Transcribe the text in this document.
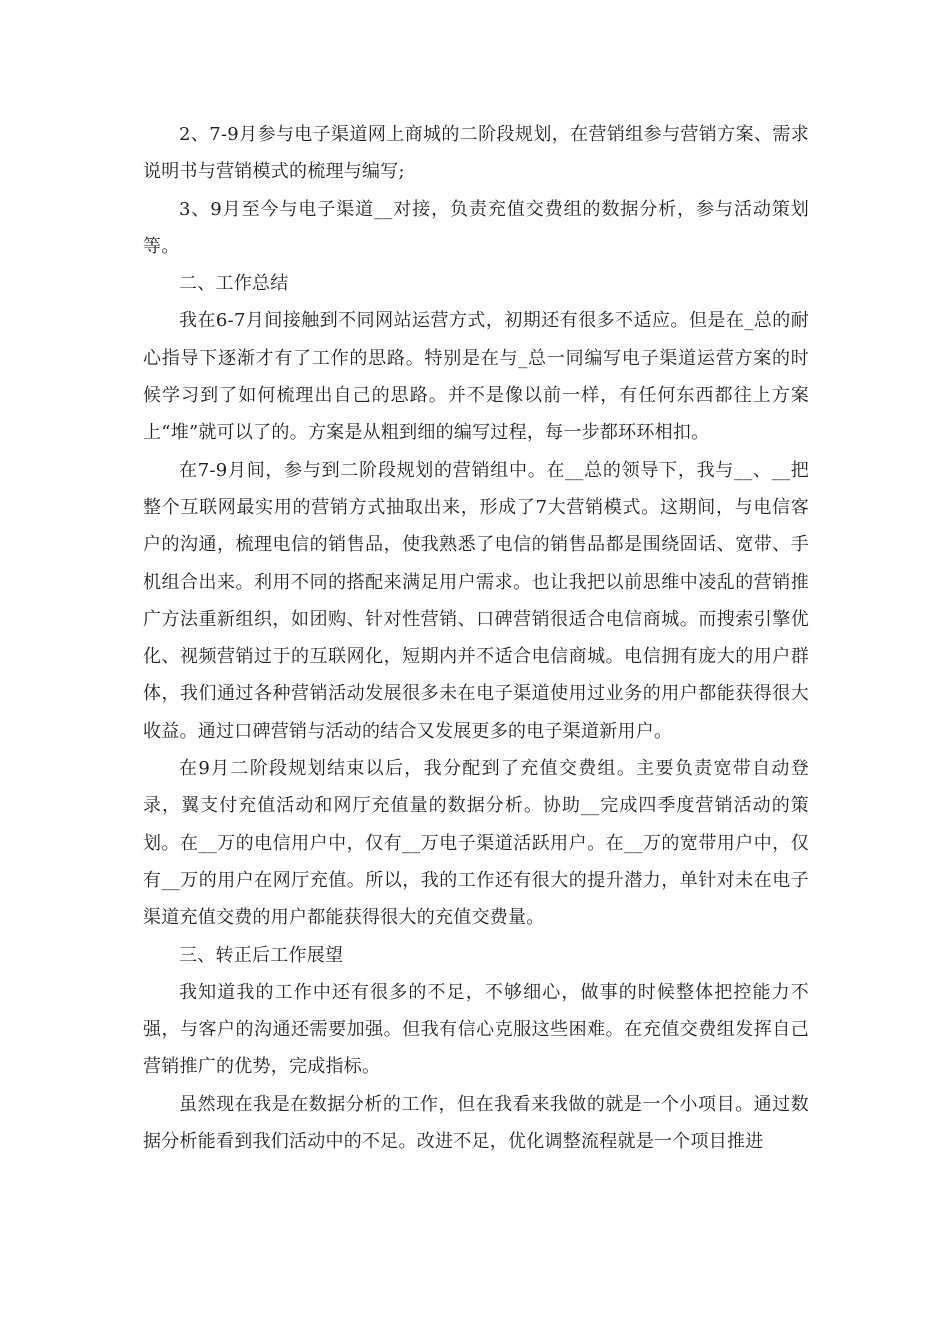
2、7-9月参与电子渠道网上商城的二阶段规划，在营销组参与营销方案、需求说明书与营销模式的梳理与编写;

3、9月至今与电子渠道__对接，负责充值交费组的数据分析，参与活动策划等。

二、工作总结

我在6-7月间接触到不同网站运营方式，初期还有很多不适应。但是在_总的耐心指导下逐渐才有了工作的思路。特别是在与_总一同编写电子渠道运营方案的时候学习到了如何梳理出自己的思路。并不是像以前一样，有任何东西都往上方案上“堆”就可以了的。方案是从粗到细的编写过程，每一步都环环相扣。

在7-9月间，参与到二阶段规划的营销组中。在__总的领导下，我与__、__把整个互联网最实用的营销方式抽取出来，形成了7大营销模式。这期间，与电信客户的沟通，梳理电信的销售品，使我熟悉了电信的销售品都是围绕固话、宽带、手机组合出来。利用不同的搭配来满足用户需求。也让我把以前思维中凌乱的营销推广方法重新组织，如团购、针对性营销、口碑营销很适合电信商城。而搜索引擎优化、视频营销过于的互联网化，短期内并不适合电信商城。电信拥有庞大的用户群体，我们通过各种营销活动发展很多未在电子渠道使用过业务的用户都能获得很大收益。通过口碑营销与活动的结合又发展更多的电子渠道新用户。

在9月二阶段规划结束以后，我分配到了充值交费组。主要负责宽带自动登录，翼支付充值活动和网厅充值量的数据分析。协助__完成四季度营销活动的策划。在__万的电信用户中，仅有__万电子渠道活跃用户。在__万的宽带用户中，仅有__万的用户在网厅充值。所以，我的工作还有很大的提升潜力，单针对未在电子渠道充值交费的用户都能获得很大的充值交费量。

三、转正后工作展望

我知道我的工作中还有很多的不足，不够细心，做事的时候整体把控能力不强，与客户的沟通还需要加强。但我有信心克服这些困难。在充值交费组发挥自己营销推广的优势，完成指标。

虽然现在我是在数据分析的工作，但在我看来我做的就是一个小项目。通过数据分析能看到我们活动中的不足。改进不足，优化调整流程就是一个项目推进
